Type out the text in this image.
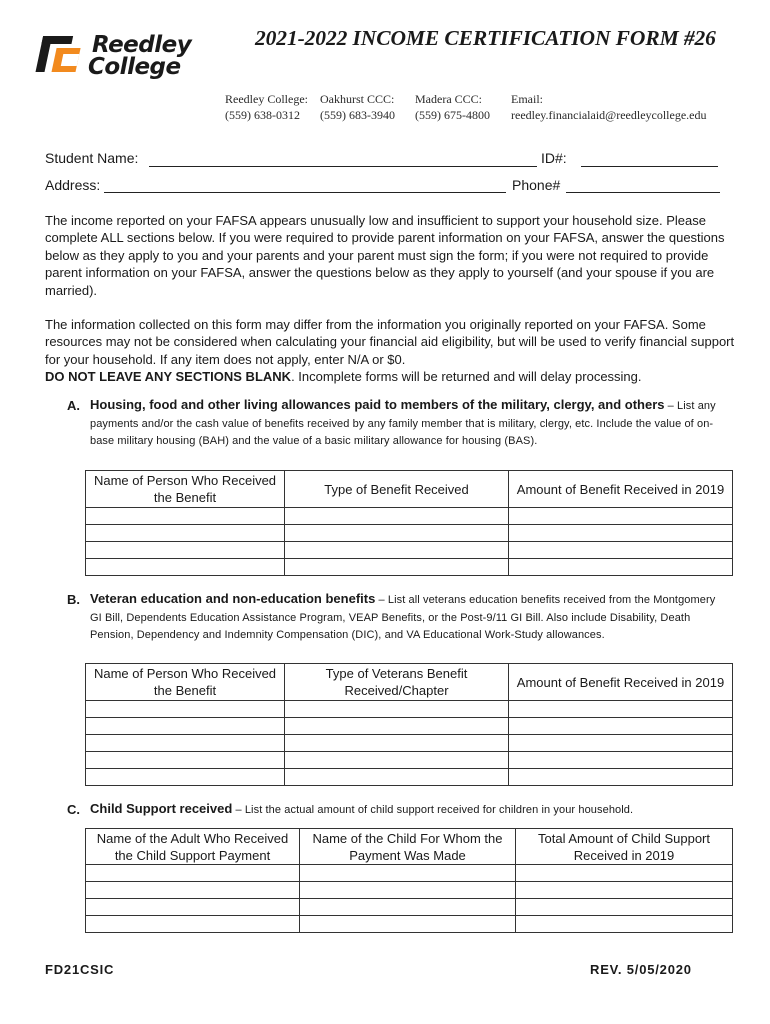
Reedley
College
2021-2022 INCOME CERTIFICATION FORM #26
Reedley College:
(559) 638-0312
Oakhurst CCC:
(559) 683-3940
Madera CCC:
(559) 675-4800
Email:
reedley.financialaid@reedleycollege.edu
Student Name:	ID#:
Address:	Phone#

The income reported on your FAFSA appears unusually low and insufficient to support your household size. Please complete ALL sections below. If you were required to provide parent information on your FAFSA, answer the questions below as they apply to you and your parents and your parent must sign the form; if you were not required to provide parent information on your FAFSA, answer the questions below as they apply to yourself (and your spouse if you are married).

The information collected on this form may differ from the information you originally reported on your FAFSA. Some resources may not be considered when calculating your financial aid eligibility, but will be used to verify financial support for your household. If any item does not apply, enter N/A or $0.
DO NOT LEAVE ANY SECTIONS BLANK. Incomplete forms will be returned and will delay processing.

A. Housing, food and other living allowances paid to members of the military, clergy, and others – List any payments and/or the cash value of benefits received by any family member that is military, clergy, etc. Include the value of on-base military housing (BAH) and the value of a basic military allowance for housing (BAS).
Name of Person Who Received the Benefit	Type of Benefit Received	Amount of Benefit Received in 2019

B. Veteran education and non-education benefits – List all veterans education benefits received from the Montgomery GI Bill, Dependents Education Assistance Program, VEAP Benefits, or the Post-9/11 GI Bill. Also include Disability, Death Pension, Dependency and Indemnity Compensation (DIC), and VA Educational Work-Study allowances.
Name of Person Who Received the Benefit	Type of Veterans Benefit Received/Chapter	Amount of Benefit Received in 2019

C. Child Support received – List the actual amount of child support received for children in your household.
Name of the Adult Who Received the Child Support Payment	Name of the Child For Whom the Payment Was Made	Total Amount of Child Support Received in 2019

FD21CSIC	REV. 5/05/2020
